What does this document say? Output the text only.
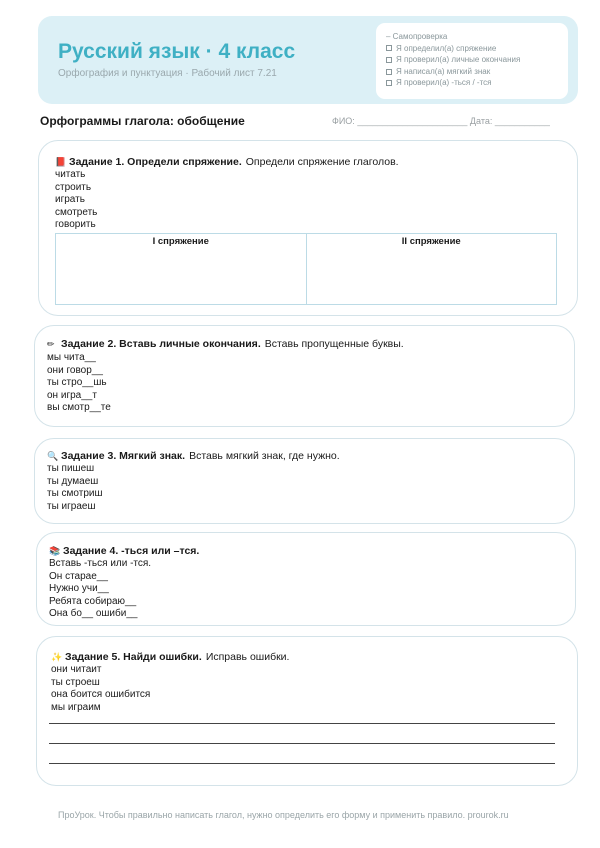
Русский язык · 4 класс
Орфография и пунктуация · Рабочий лист 7.21
– Самопроверка
Я определил(а) спряжение
Я проверил(а) личные окончания
Я написал(а) мягкий знак
Я проверил(а) -ться / -тся
Орфограммы глагола: обобщение	ФИО: ______________________ Дата: ___________
📕 Задание 1. Определи спряжение. Определи спряжение глаголов.
читать
строить
играть
смотреть
говорить
I спряжение	II спряжение
✏ Задание 2. Вставь личные окончания. Вставь пропущенные буквы.
мы чита__
они говор__
ты стро__шь
он игра__т
вы смотр__те
🔍 Задание 3. Мягкий знак. Вставь мягкий знак, где нужно.
ты пишеш
ты думаеш
ты смотриш
ты играеш
📚 Задание 4. -ться или –тся.
Вставь -ться или -тся.
Он старае__
Нужно учи__
Ребята собираю__
Она бо__ ошиби__
✨ Задание 5. Найди ошибки. Исправь ошибки.
они читаит
ты строеш
она боится ошибится
мы играим
ПроУрок. Чтобы правильно написать глагол, нужно определить его форму и применить правило. prourok.ru
